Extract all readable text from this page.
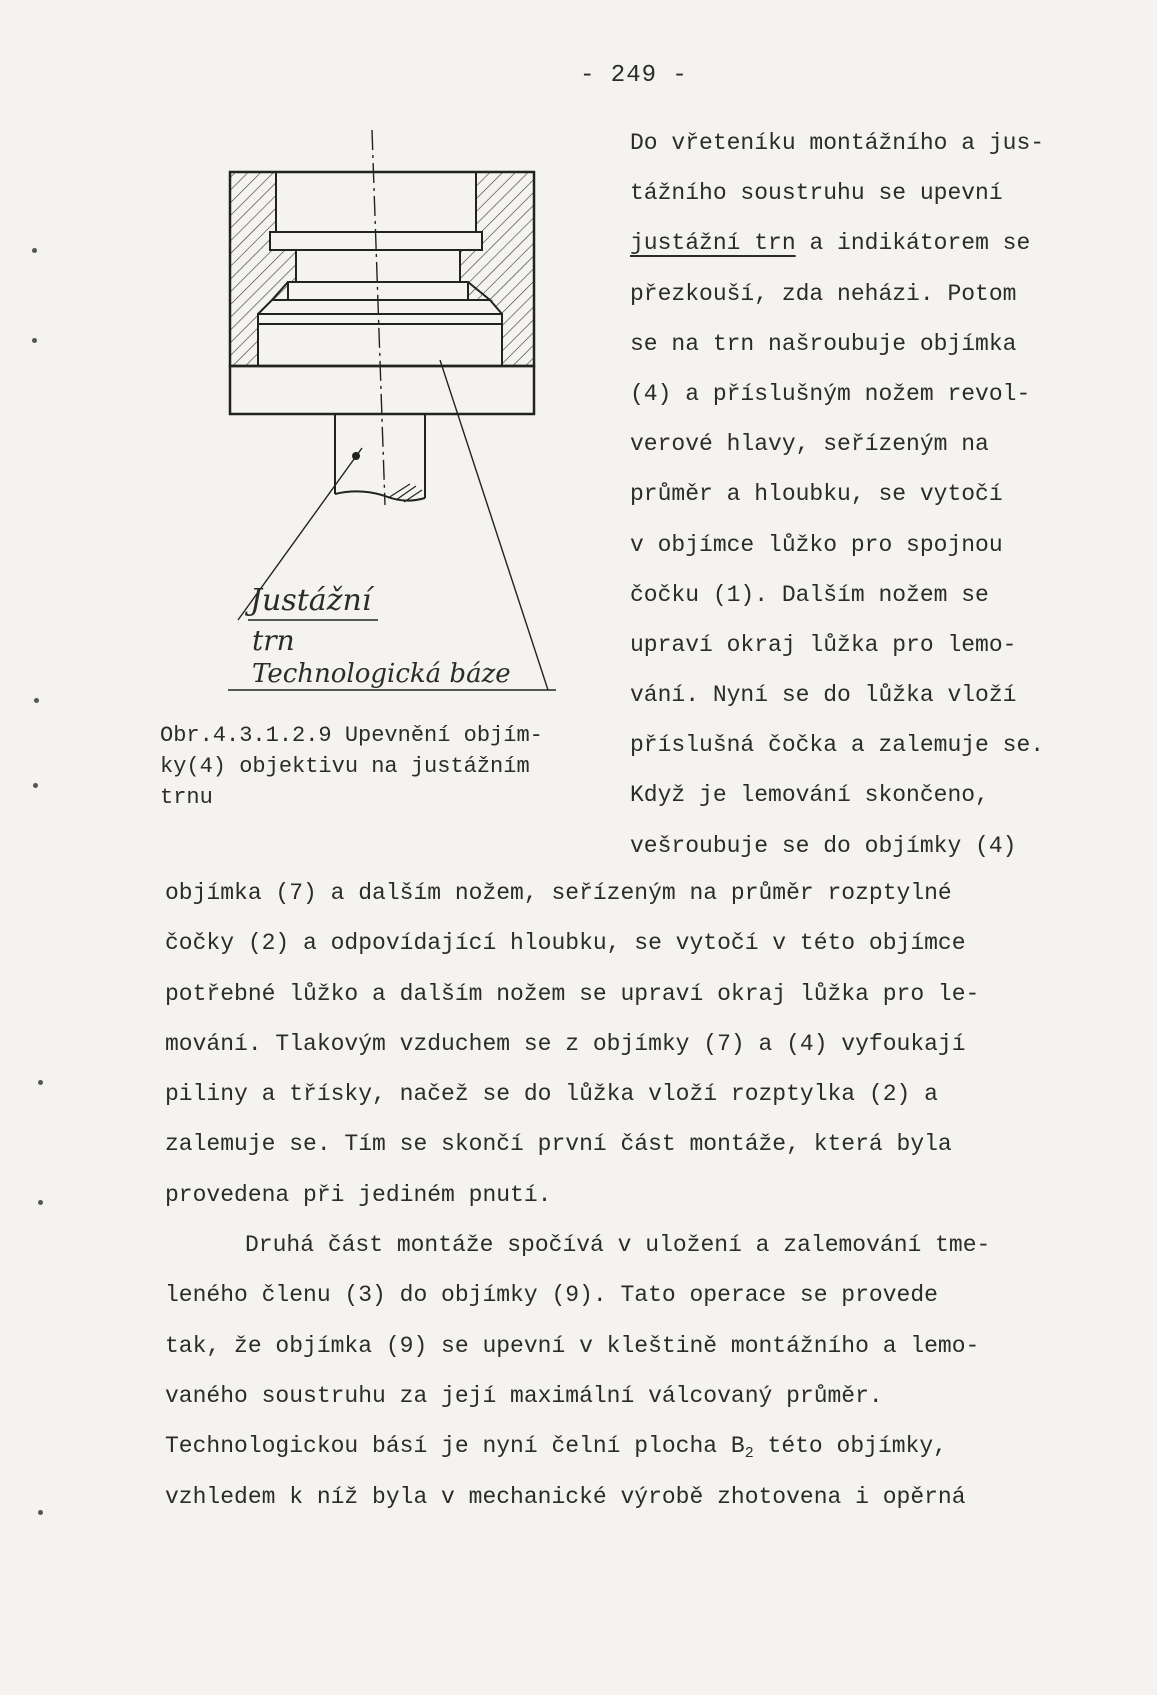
- 249 -
Justážní
trn
Technologická báze
Do vřeteníku montážního a jus-
tážního soustruhu se upevní
justážní trn a indikátorem se
přezkouší, zda neházi. Potom
se na trn našroubuje objímka
(4) a příslušným nožem revol-
verové hlavy, seřízeným na
průměr a hloubku, se vytočí
v objímce lůžko pro spojnou
čočku (1). Dalším nožem se
upraví okraj lůžka pro lemo-
vání. Nyní se do lůžka vloží
příslušná čočka a zalemuje se.
Když je lemování skončeno,
vešroubuje se do objímky (4)
Obr.4.3.1.2.9 Upevnění objím-
ky(4) objektivu na justážním
trnu
objímka (7) a dalším nožem, seřízeným na průměr rozptylné
čočky (2) a odpovídající hloubku, se vytočí v této objímce
potřebné lůžko a dalším nožem se upraví okraj lůžka pro le-
mování. Tlakovým vzduchem se z objímky (7) a (4) vyfoukají
piliny a třísky, načež se do lůžka vloží rozptylka (2) a
zalemuje se. Tím se skončí první část montáže, která byla
provedena při jediném pnutí.
Druhá část montáže spočívá v uložení a zalemování tme-
leného členu (3) do objímky (9). Tato operace se provede
tak, že objímka (9) se upevní v kleštině montážního a lemo-
vaného soustruhu za její maximální válcovaný průměr.
Technologickou básí je nyní čelní plocha $B_2$ této objímky,
vzhledem k níž byla v mechanické výrobě zhotovena i opěrná
